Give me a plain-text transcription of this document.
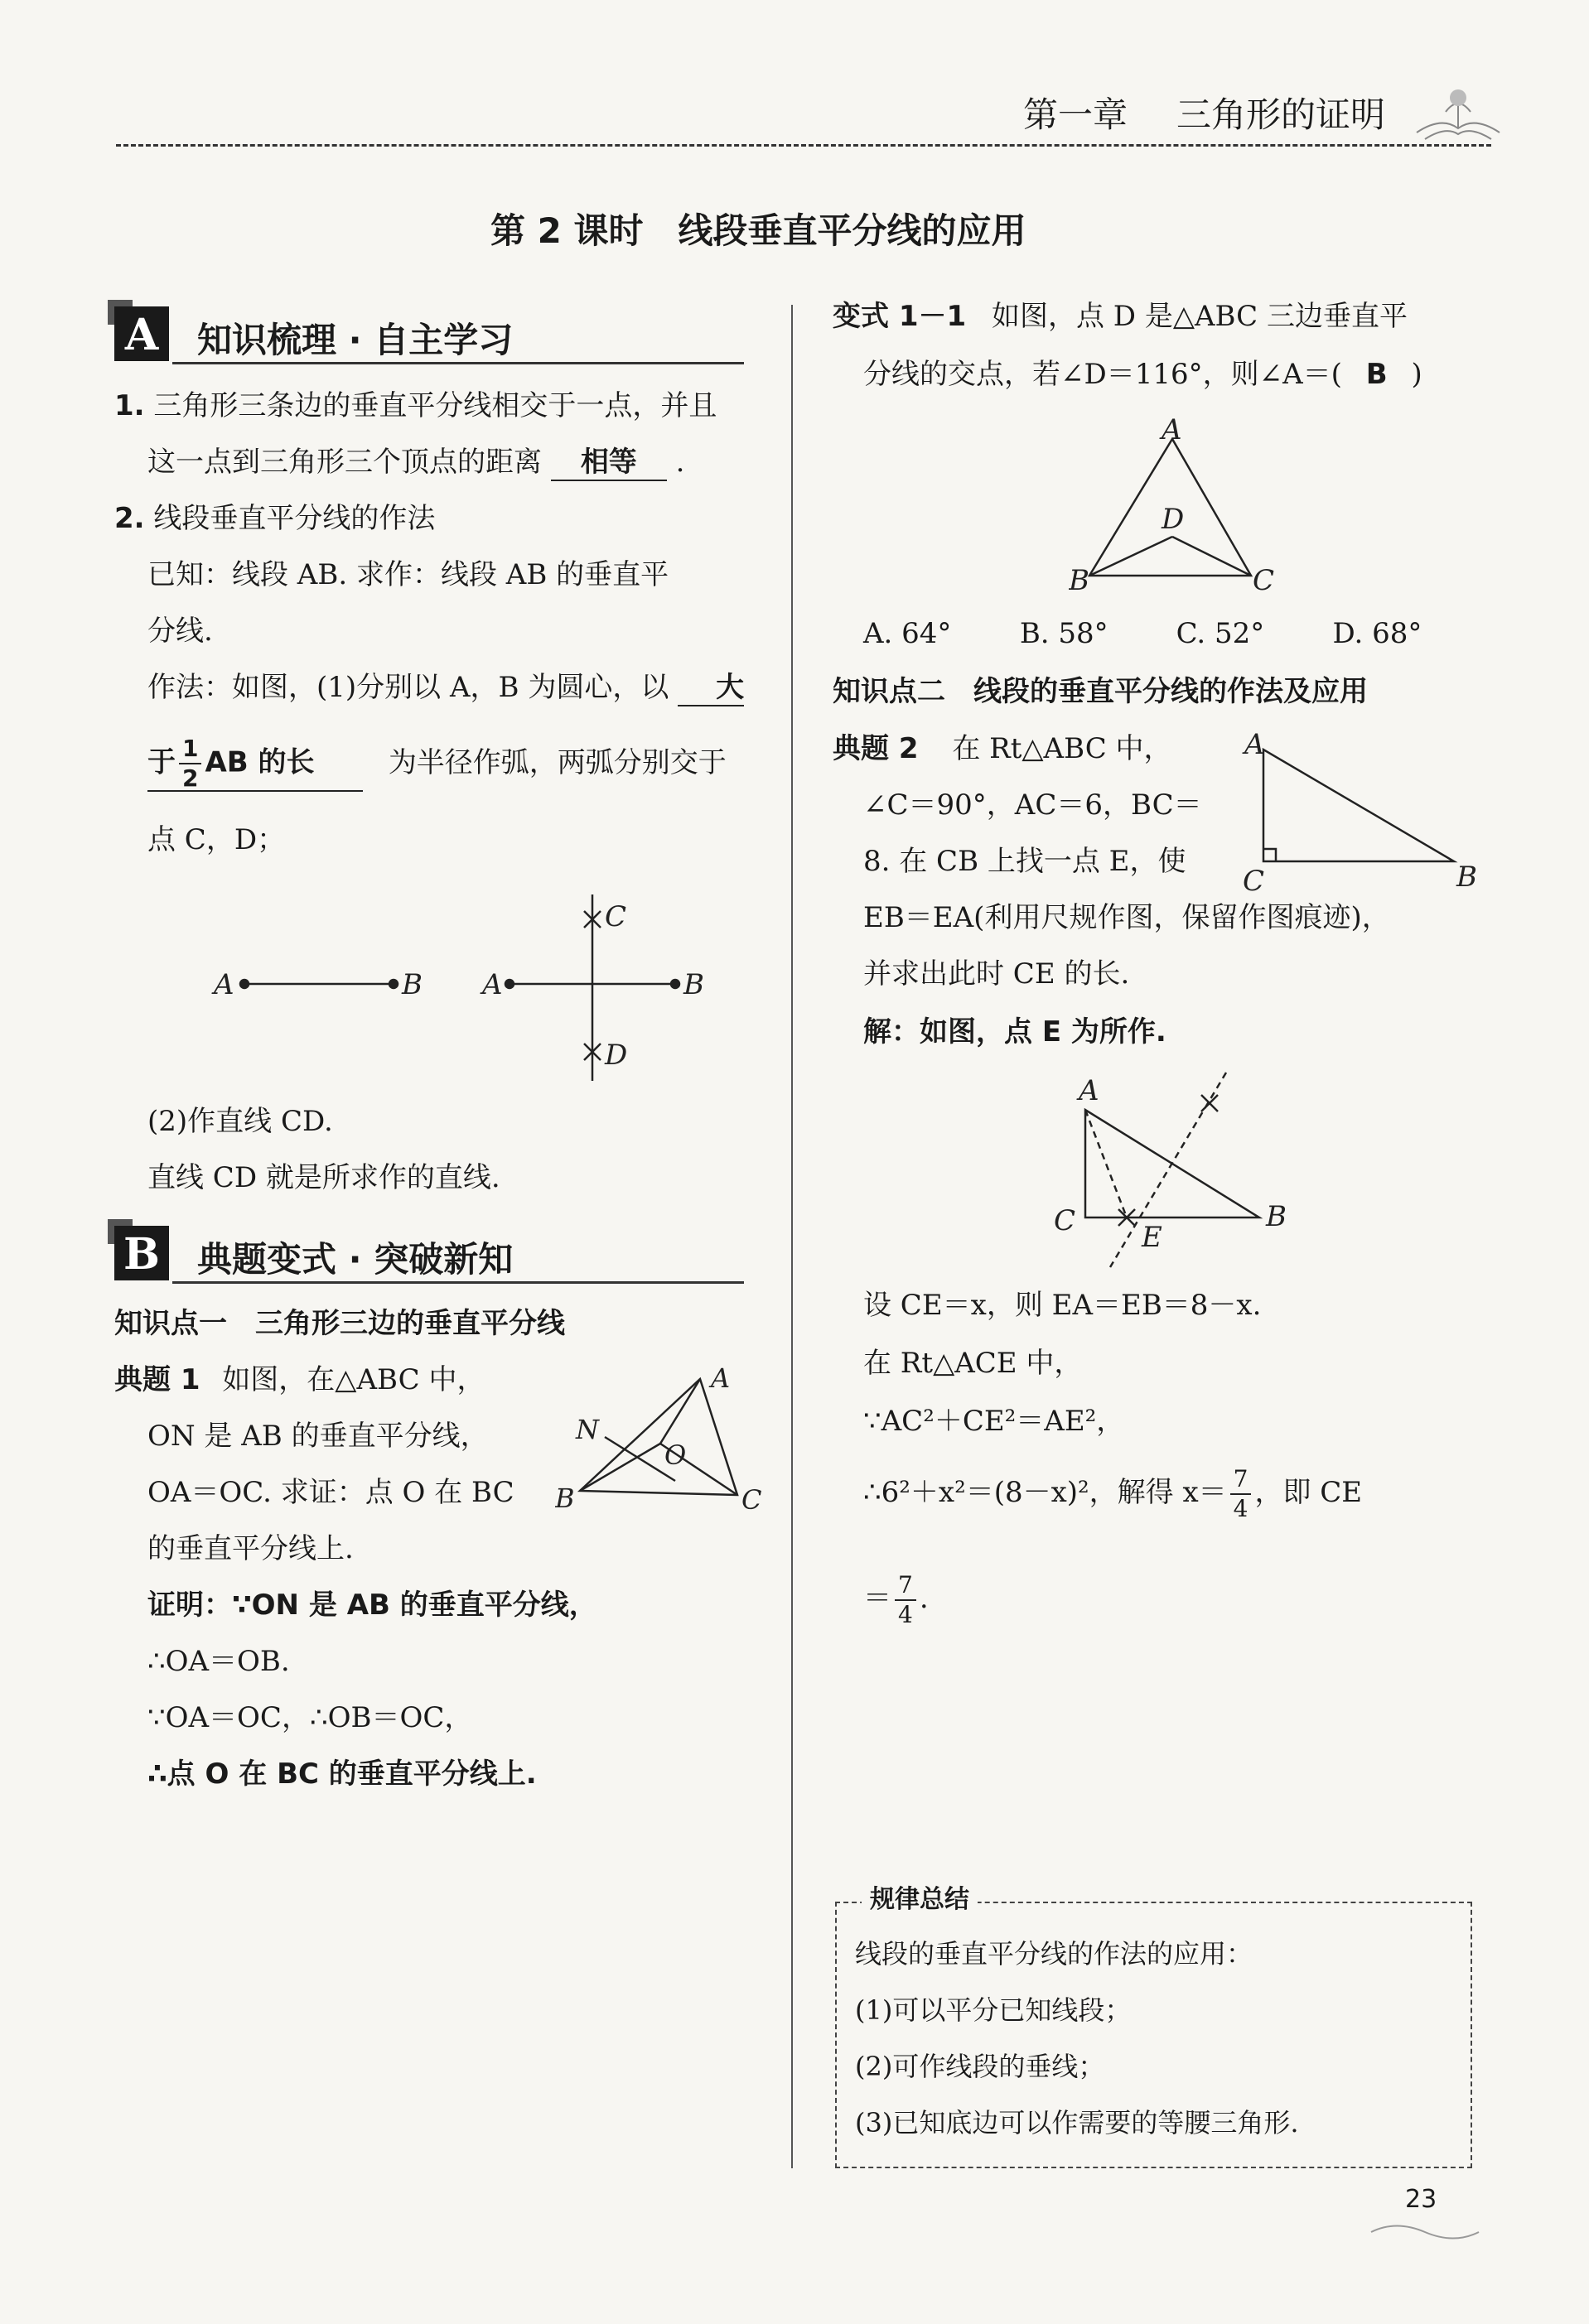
第一章 三角形的证明
第 2 课时　线段垂直平分线的应用
A	知识梳理 · 自主学习
1. 三角形三条边的垂直平分线相交于一点，并且
这一点到三角形三个顶点的距离 相等 .
2. 线段垂直平分线的作法
已知：线段 AB. 求作：线段 AB 的垂直平
分线.
作法：如图，(1)分别以 A，B 为圆心，以 大
于 $\frac{1}{2}$ AB 的长	为半径作弧，两弧分别交于
点 C，D；
A	B A	B
C
D
(2)作直线 CD.
直线 CD 就是所求作的直线.
B 典题变式 · 突破新知
知识点一　三角形三边的垂直平分线
典题 1 如图，在△ABC 中，
ON 是 AB 的垂直平分线，
OA＝OC. 求证：点 O 在 BC
的垂直平分线上.
A
B	C
N
O
证明：∵ON 是 AB 的垂直平分线，
∴OA＝OB.
∵OA＝OC，∴OB＝OC，
∴点 O 在 BC 的垂直平分线上.
变式 1－1 如图，点 D 是△ABC 三边垂直平
分线的交点，若∠D＝116°，则∠A＝( B )
A
B	C
D
A. 64° B. 58° C. 52° D. 68°
知识点二　线段的垂直平分线的作法及应用
典题 2 在 Rt△ABC 中，
∠C＝90°，AC＝6，BC＝
8. 在 CB 上找一点 E，使
A
C	B
EB＝EA(利用尺规作图，保留作图痕迹)，
并求出此时 CE 的长.
解：如图，点 E 为所作.
A
C	B
E
设 CE＝x，则 EA＝EB＝8－x.
在 Rt△ACE 中，
∵AC²＋CE²＝AE²，
∴6²＋x²＝(8－x)²，解得 $x= \frac{7}{4}$ ，即 CE
＝ $\frac{7}{4}$ .
规律总结
线段的垂直平分线的作法的应用：
(1)可以平分已知线段；
(2)可作线段的垂线；
(3)已知底边可以作需要的等腰三角形.
23
